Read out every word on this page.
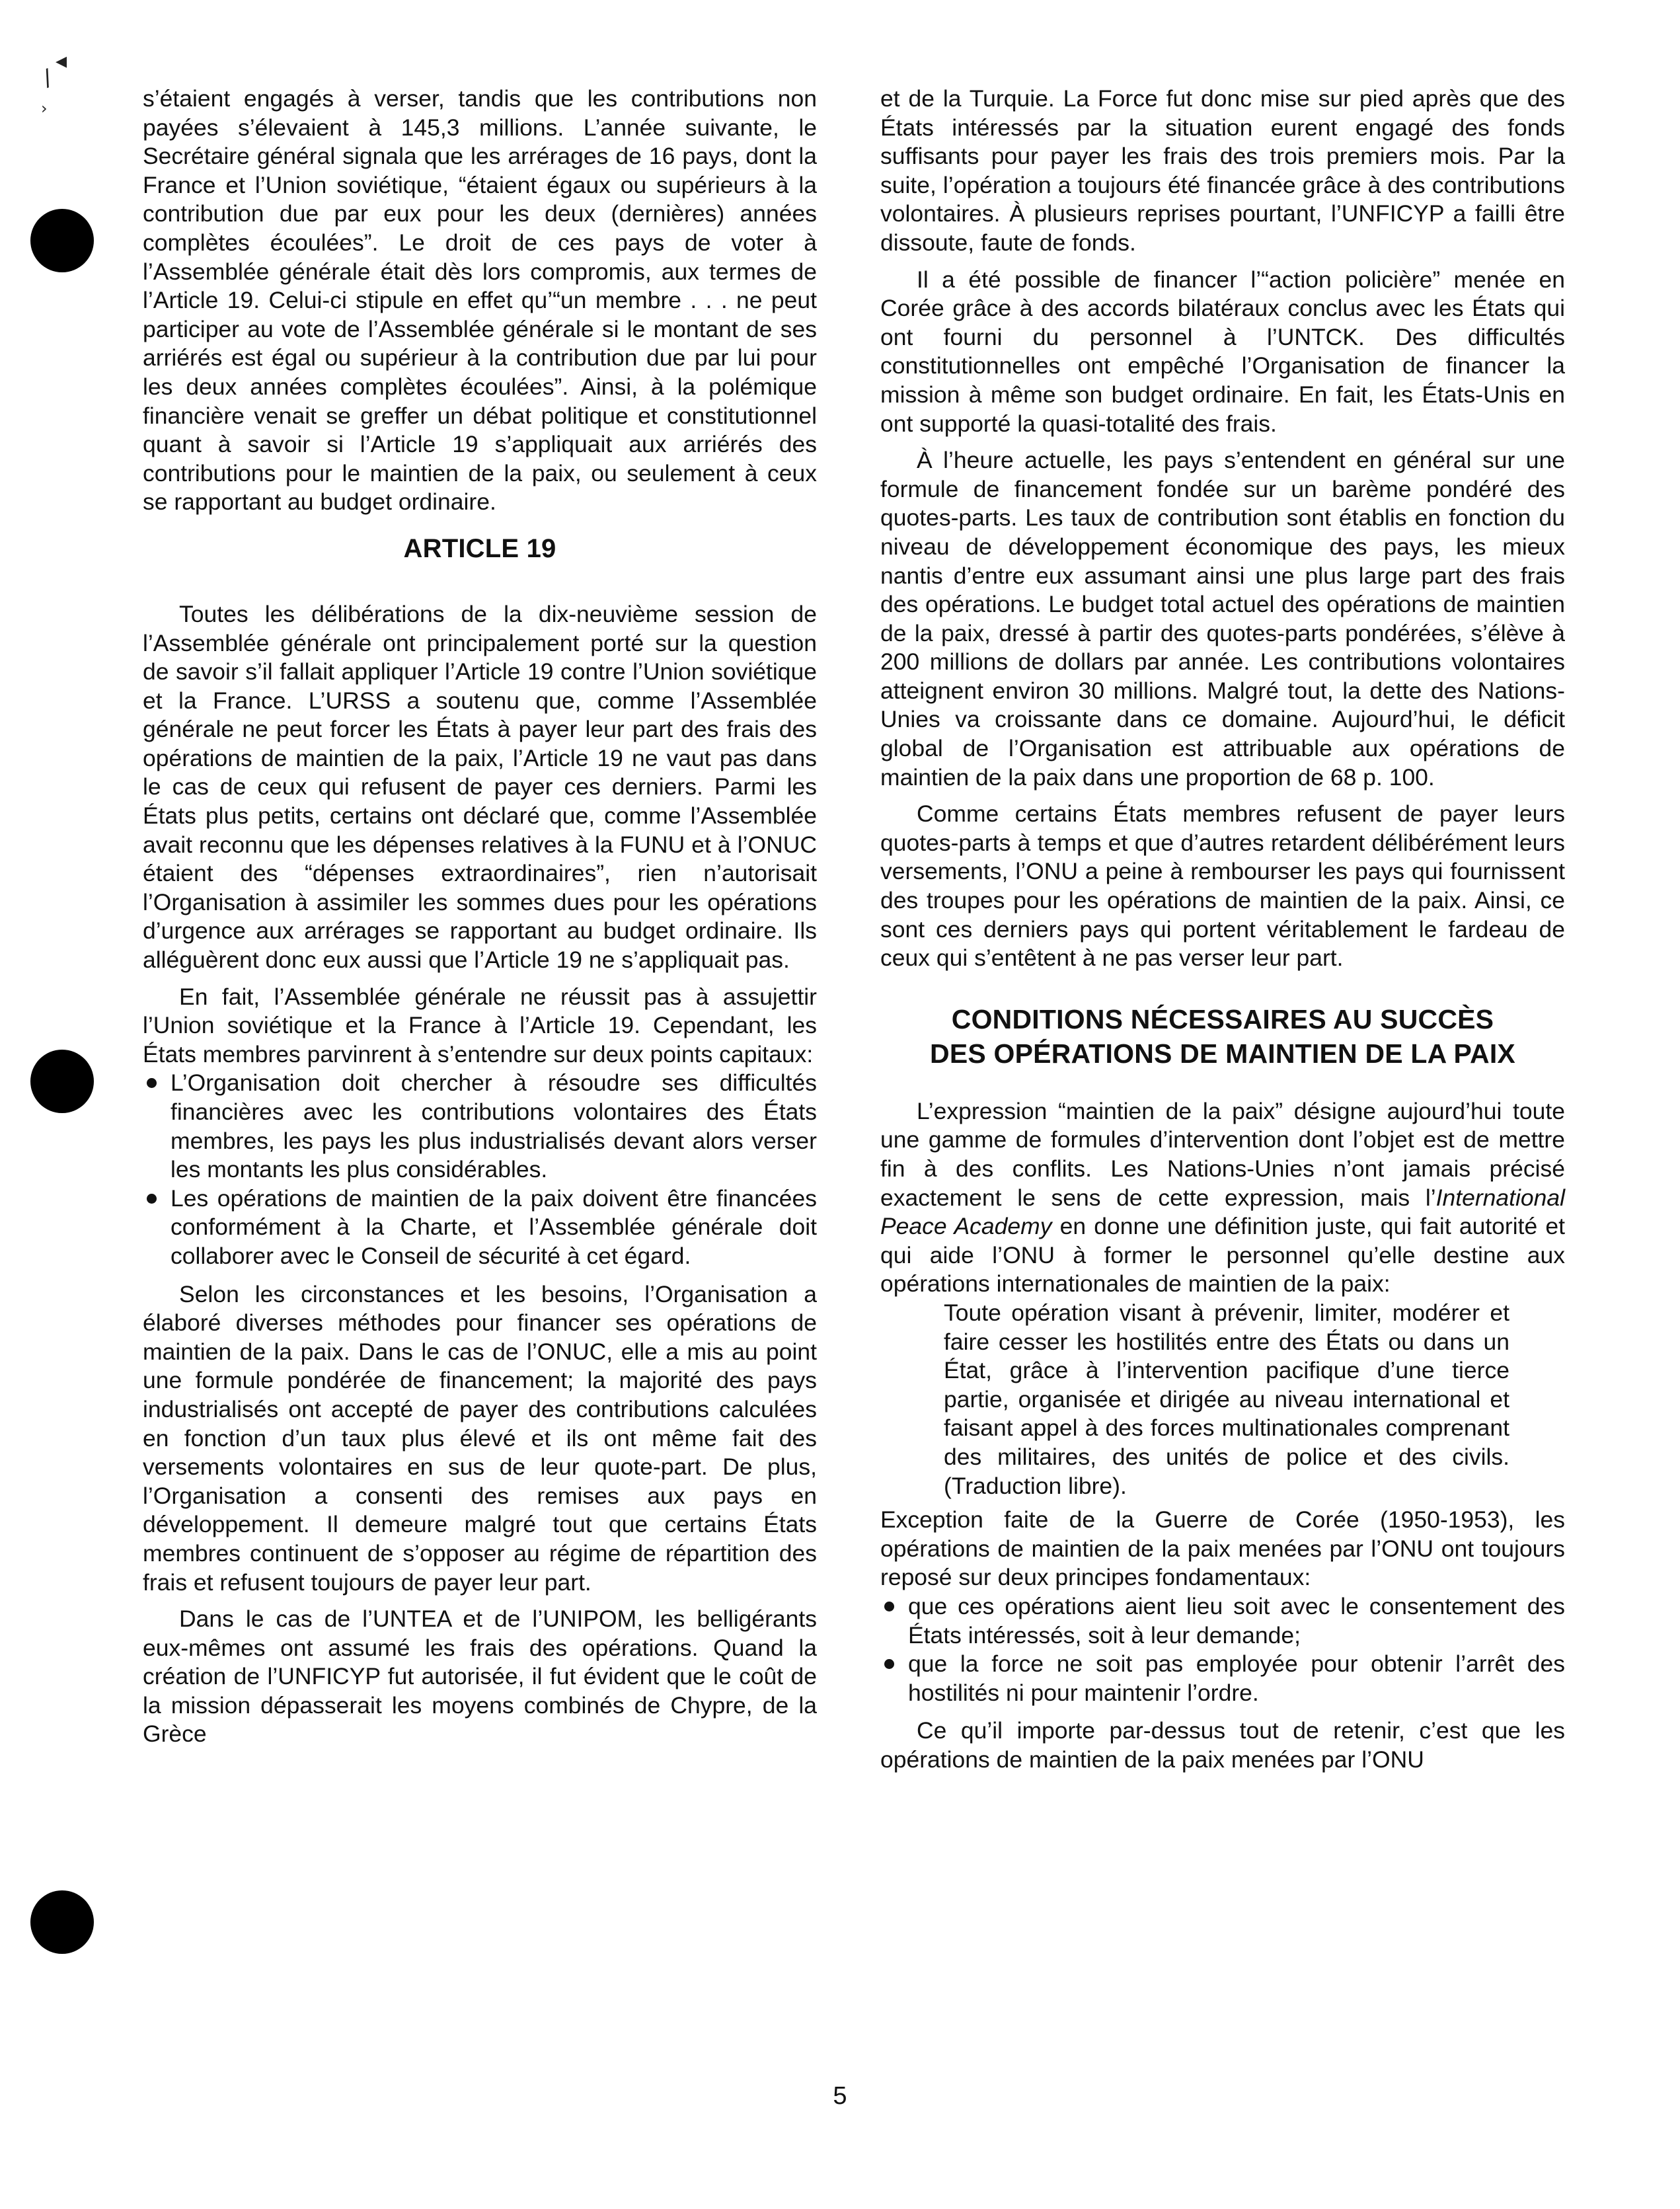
◂
/
›	s’étaient engagés à verser, tandis que les contributions non payées s’élevaient à 145,3 millions. L’année suivante, le Secrétaire général signala que les arrérages de 16 pays, dont la France et l’Union soviétique, “étaient égaux ou supérieurs à la contribution due par eux pour les deux (dernières) années complètes écoulées”. Le droit de ces pays de voter à l’Assemblée générale était dès lors compromis, aux termes de l’Article 19. Celui-ci stipule en effet qu’“un membre . . . ne peut participer au vote de l’Assemblée générale si le montant de ses arriérés est égal ou supérieur à la contribution due par lui pour les deux années complètes écoulées”. Ainsi, à la polémique financière venait se greffer un débat politique et constitutionnel quant à savoir si l’Article 19 s’appliquait aux arriérés des contributions pour le maintien de la paix, ou seulement à ceux se rapportant au budget ordinaire.

ARTICLE 19

Toutes les délibérations de la dix-neuvième session de l’Assemblée générale ont principalement porté sur la question de savoir s’il fallait appliquer l’Article 19 contre l’Union soviétique et la France. L’URSS a soutenu que, comme l’Assemblée générale ne peut forcer les États à payer leur part des frais des opérations de maintien de la paix, l’Article 19 ne vaut pas dans le cas de ceux qui refusent de payer ces derniers. Parmi les États plus petits, certains ont déclaré que, comme l’Assemblée avait reconnu que les dépenses relatives à la FUNU et à l’ONUC étaient des “dépenses extraordinaires”, rien n’autorisait l’Organisation à assimiler les sommes dues pour les opérations d’urgence aux arrérages se rapportant au budget ordinaire. Ils alléguèrent donc eux aussi que l’Article 19 ne s’appliquait pas.

En fait, l’Assemblée générale ne réussit pas à assujettir l’Union soviétique et la France à l’Article 19. Cependant, les États membres parvinrent à s’entendre sur deux points capitaux:

L’Organisation doit chercher à résoudre ses difficultés financières avec les contributions volontaires des États membres, les pays les plus industrialisés devant alors verser les montants les plus considérables.
Les opérations de maintien de la paix doivent être financées conformément à la Charte, et l’Assemblée générale doit collaborer avec le Conseil de sécurité à cet égard.

Selon les circonstances et les besoins, l’Organisation a élaboré diverses méthodes pour financer ses opérations de maintien de la paix. Dans le cas de l’ONUC, elle a mis au point une formule pondérée de financement; la majorité des pays industrialisés ont accepté de payer des contributions calculées en fonction d’un taux plus élevé et ils ont même fait des versements volontaires en sus de leur quote-part. De plus, l’Organisation a consenti des remises aux pays en développement. Il demeure malgré tout que certains États membres continuent de s’opposer au régime de répartition des frais et refusent toujours de payer leur part.

Dans le cas de l’UNTEA et de l’UNIPOM, les belligérants eux-mêmes ont assumé les frais des opérations. Quand la création de l’UNFICYP fut autorisée, il fut évident que le coût de la mission dépasserait les moyens combinés de Chypre, de la Grèce

et de la Turquie. La Force fut donc mise sur pied après que des États intéressés par la situation eurent engagé des fonds suffisants pour payer les frais des trois premiers mois. Par la suite, l’opération a toujours été financée grâce à des contributions volontaires. À plusieurs reprises pourtant, l’UNFICYP a failli être dissoute, faute de fonds.

Il a été possible de financer l’“action policière” menée en Corée grâce à des accords bilatéraux conclus avec les États qui ont fourni du personnel à l’UNTCK. Des difficultés constitutionnelles ont empêché l’Organisation de financer la mission à même son budget ordinaire. En fait, les États-Unis en ont supporté la quasi-totalité des frais.

À l’heure actuelle, les pays s’entendent en général sur une formule de financement fondée sur un barème pondéré des quotes-parts. Les taux de contribution sont établis en fonction du niveau de développement économique des pays, les mieux nantis d’entre eux assumant ainsi une plus large part des frais des opérations. Le budget total actuel des opérations de maintien de la paix, dressé à partir des quotes-parts pondérées, s’élève à 200 millions de dollars par année. Les contributions volontaires atteignent environ 30 millions. Malgré tout, la dette des Nations-Unies va croissante dans ce domaine. Aujourd’hui, le déficit global de l’Organisation est attribuable aux opérations de maintien de la paix dans une proportion de 68 p. 100.

Comme certains États membres refusent de payer leurs quotes-parts à temps et que d’autres retardent délibérément leurs versements, l’ONU a peine à rembourser les pays qui fournissent des troupes pour les opérations de maintien de la paix. Ainsi, ce sont ces derniers pays qui portent véritablement le fardeau de ceux qui s’entêtent à ne pas verser leur part.

CONDITIONS NÉCESSAIRES AU SUCCÈS
DES OPÉRATIONS DE MAINTIEN DE LA PAIX

L’expression “maintien de la paix” désigne aujourd’hui toute une gamme de formules d’intervention dont l’objet est de mettre fin à des conflits. Les Nations-Unies n’ont jamais précisé exactement le sens de cette expression, mais l’International Peace Academy en donne une définition juste, qui fait autorité et qui aide l’ONU à former le personnel qu’elle destine aux opérations internationales de maintien de la paix:

Toute opération visant à prévenir, limiter, modérer et faire cesser les hostilités entre des États ou dans un État, grâce à l’intervention pacifique d’une tierce partie, organisée et dirigée au niveau international et faisant appel à des forces multinationales comprenant des militaires, des unités de police et des civils. (Traduction libre).

Exception faite de la Guerre de Corée (1950-1953), les opérations de maintien de la paix menées par l’ONU ont toujours reposé sur deux principes fondamentaux:

que ces opérations aient lieu soit avec le consentement des États intéressés, soit à leur demande;
que la force ne soit pas employée pour obtenir l’arrêt des hostilités ni pour maintenir l’ordre.

Ce qu’il importe par-dessus tout de retenir, c’est que les opérations de maintien de la paix menées par l’ONU

5
